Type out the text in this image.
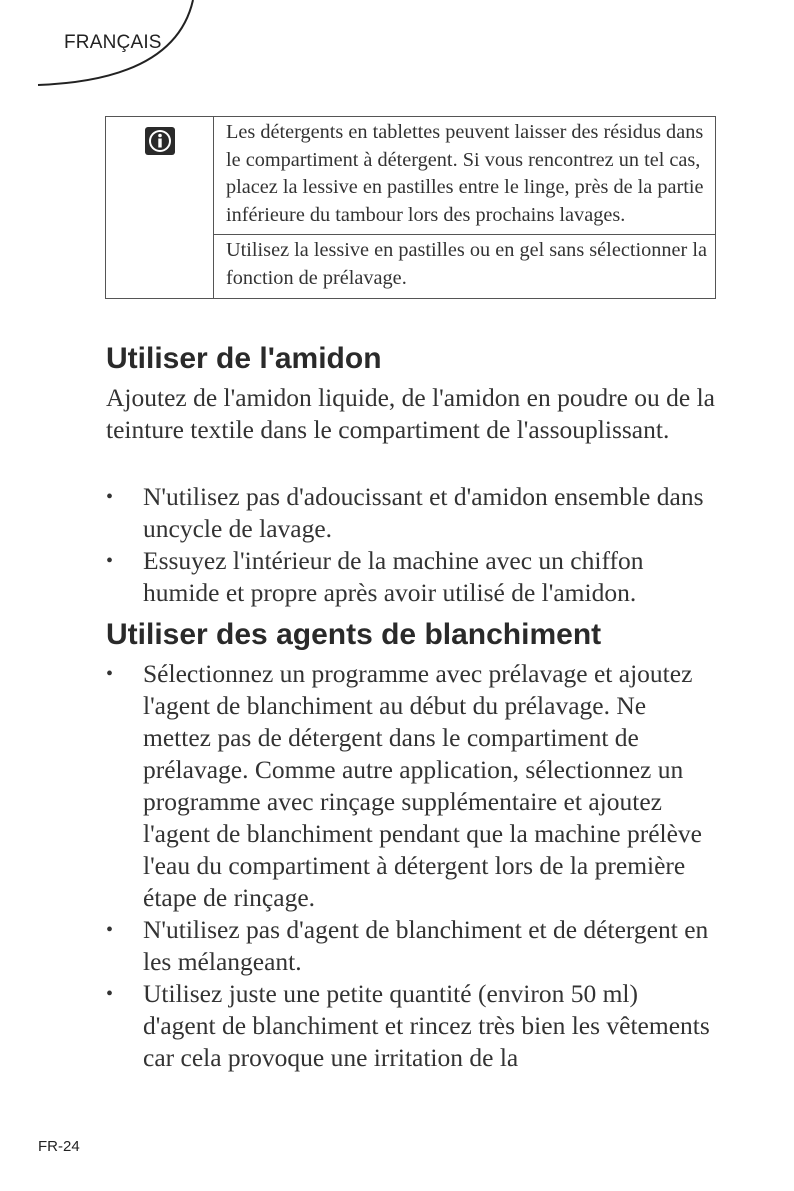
FRANÇAIS
Les détergents en tablettes peuvent laisser des résidus dans le compartiment à détergent. Si vous rencontrez un tel cas, placez la lessive en pastilles entre le linge, près de la partie inférieure du tambour lors des prochains lavages.
Utilisez la lessive en pastilles ou en gel sans sélectionner la fonction de prélavage.
Utiliser de l'amidon

Ajoutez de l'amidon liquide, de l'amidon en poudre ou de la teinture textile dans le compartiment de l'assouplissant.

• N'utilisez pas d'adoucissant et d'amidon ensemble dans uncycle de lavage.
• Essuyez l'intérieur de la machine avec un chiffon humide et propre après avoir utilisé de l'amidon.
Utiliser des agents de blanchiment
• Sélectionnez un programme avec prélavage et ajoutez l'agent de blanchiment au début du prélavage. Ne mettez pas de détergent dans le compartiment de prélavage. Comme autre application, sélectionnez un programme avec rinçage supplémentaire et ajoutez l'agent de blanchiment pendant que la machine prélève l'eau du compartiment à détergent lors de la première étape de rinçage.
• N'utilisez pas d'agent de blanchiment et de détergent en les mélangeant.
• Utilisez juste une petite quantité (environ 50 ml) d'agent de blanchiment et rincez très bien les vêtements car cela provoque une irritation de la
FR-24
